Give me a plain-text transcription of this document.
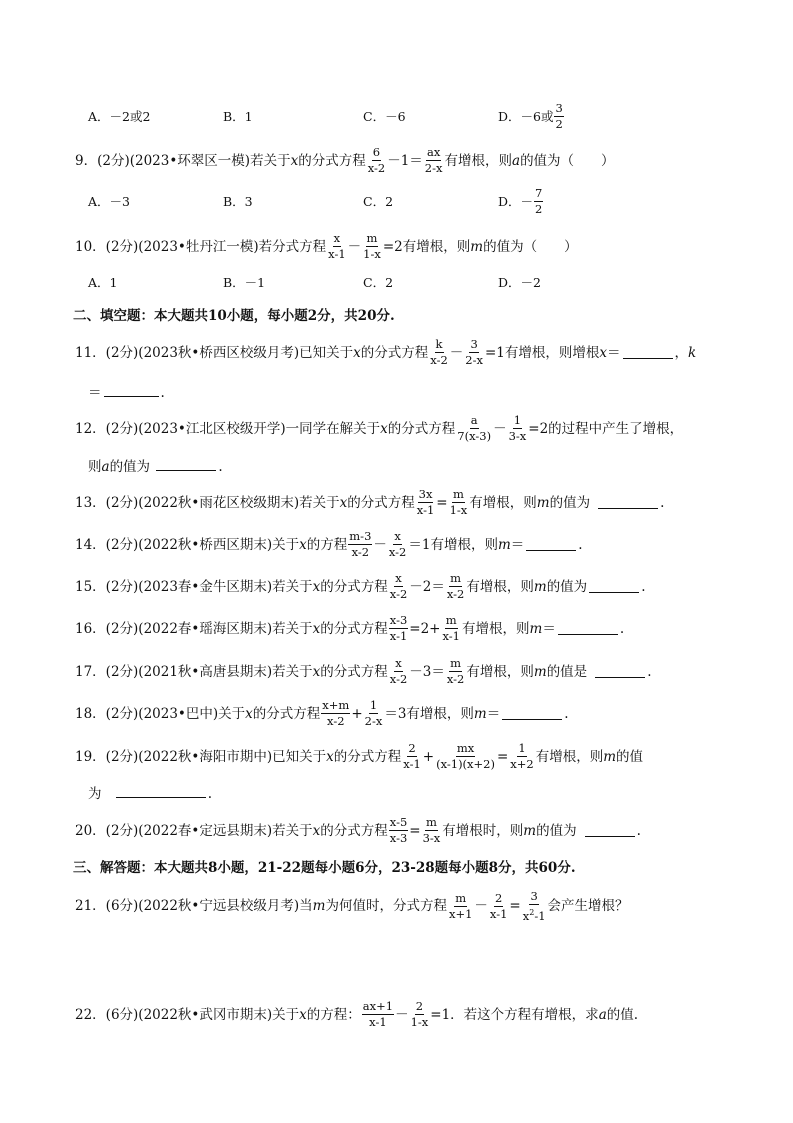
A．－2或2	B．1	C．－6	D．－6或 $\frac{3}{2}$
9．(2分)(2023•环翠区一模)若关于 x 的分式方程 $\frac{6}{x-2} -1= \frac{ax}{2-x}$ 有增根，则 a 的值为（　　）
A．－3	B．3	C．2	D．－ $\frac{7}{2}$
10．(2分)(2023•牡丹江一模)若分式方程 $\frac{x}{x-1} - \frac{m}{1-x} =2$有增根，则 m 的值为（　　）
A．1	B．－1	C．2	D．－2
二、填空题：本大题共10小题，每小题2分，共20分.
11．(2分)(2023秋•桥西区校级月考)已知关于 x 的分式方程 $\frac{k}{x-2} - \frac{3}{2-x} =1$有增根，则增根 x ＝	， k
＝	.
12．(2分)(2023•江北区校级开学)一同学在解关于 x 的分式方程 $\frac{a}{7(x-3)} - \frac{1}{3-x} =2$的过程中产生了增根，
则a的值为	.
13．(2分)(2022秋•雨花区校级期末)若关于 x 的分式方程 $\frac{3x}{x-1} = \frac{m}{1-x}$ 有增根，则 m 的值为	.
14．(2分)(2022秋•桥西区期末)关于 x 的方程 $\frac{m-3}{x-2} - \frac{x}{x-2} =1$有增根，则 m ＝	.
15．(2分)(2023春•金牛区期末)若关于 x 的分式方程 $\frac{x}{x-2} -2= \frac{m}{x-2}$ 有增根，则 m 的值为	.
16．(2分)(2022春•瑶海区期末)若关于 x 的分式方程 $\frac{x-3}{x-1} =2+ \frac{m}{x-1}$ 有增根，则 m ＝	.
17．(2分)(2021秋•高唐县期末)若关于 x 的分式方程 $\frac{x}{x-2} -3= \frac{m}{x-2}$ 有增根，则 m 的值是	.
18．(2分)(2023•巴中)关于 x 的分式方程 $\frac{x+m}{x-2} + \frac{1}{2-x} =3$有增根，则 m ＝	.
19．(2分)(2022秋•海阳市期中)已知关于 x 的分式方程 $\frac{2}{x-1} + \frac{mx}{(x-1)(x+2)} = \frac{1}{x+2}$ 有增根，则 m 的值
为	.
20．(2分)(2022春•定远县期末)若关于 x 的分式方程 $\frac{x-5}{x-3} = \frac{m}{3-x}$ 有增根时，则 m 的值为	.
三、解答题：本大题共8小题，21-22题每小题6分，23-28题每小题8分，共60分.
21．(6分)(2022秋•宁远县校级月考)当 m 为何值时，分式方程 $\frac{m}{x+1} - \frac{2}{x-1} = \frac{3}{x^2-1}$ 会产生增根？
22．(6分)(2022秋•武冈市期末)关于 x 的方程： $\frac{ax+1}{x-1} - \frac{2}{1-x} =1$．若这个方程有增根，求 a 的值.
